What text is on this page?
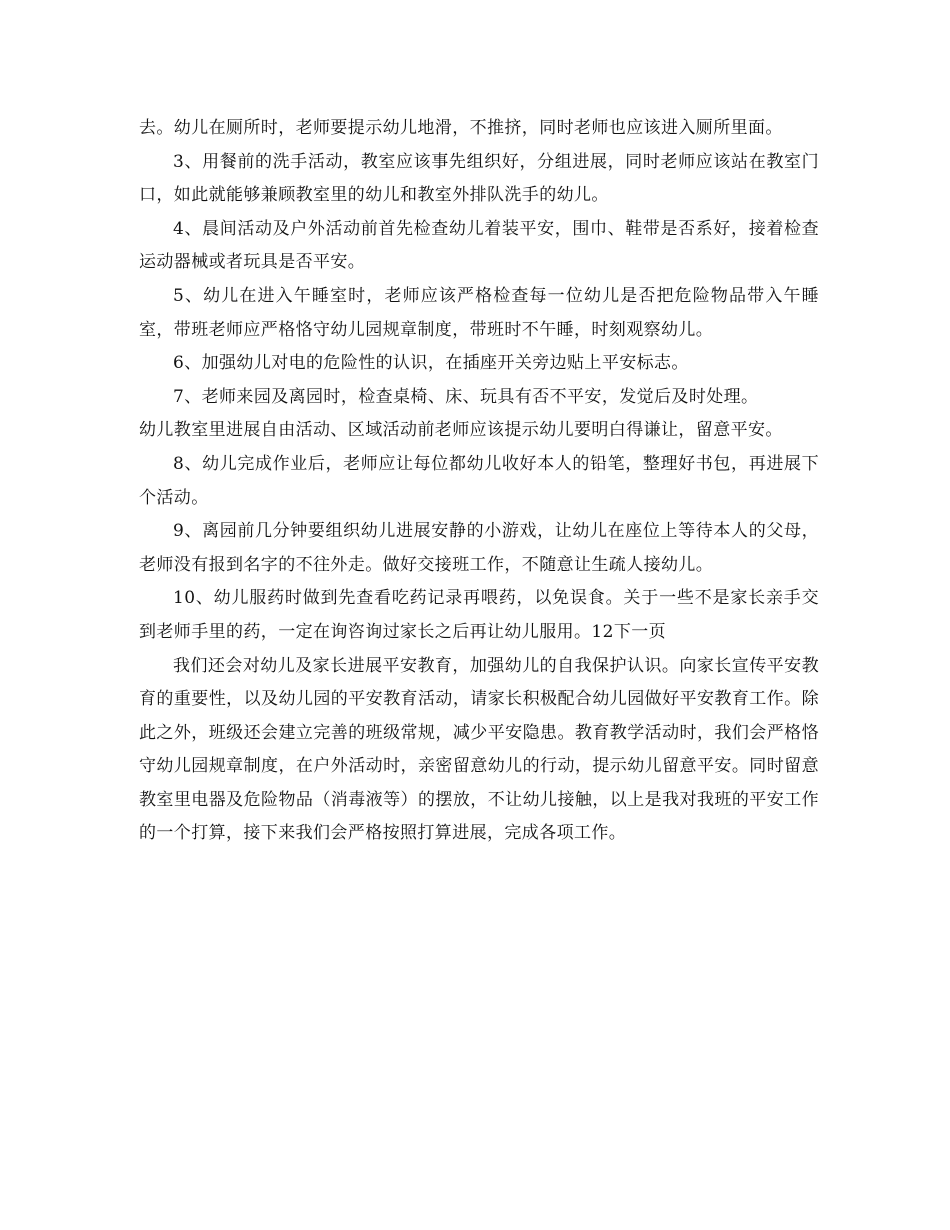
去。幼儿在厕所时，老师要提示幼儿地滑，不推挤，同时老师也应该进入厕所里面。

3、用餐前的洗手活动，教室应该事先组织好，分组进展，同时老师应该站在教室门口，如此就能够兼顾教室里的幼儿和教室外排队洗手的幼儿。

4、晨间活动及户外活动前首先检查幼儿着装平安，围巾、鞋带是否系好，接着检查运动器械或者玩具是否平安。

5、幼儿在进入午睡室时，老师应该严格检查每一位幼儿是否把危险物品带入午睡室，带班老师应严格恪守幼儿园规章制度，带班时不午睡，时刻观察幼儿。

6、加强幼儿对电的危险性的认识，在插座开关旁边贴上平安标志。

7、老师来园及离园时，检查桌椅、床、玩具有否不平安，发觉后及时处理。

幼儿教室里进展自由活动、区域活动前老师应该提示幼儿要明白得谦让，留意平安。

8、幼儿完成作业后，老师应让每位都幼儿收好本人的铅笔，整理好书包，再进展下个活动。

9、离园前几分钟要组织幼儿进展安静的小游戏，让幼儿在座位上等待本人的父母，老师没有报到名字的不往外走。做好交接班工作，不随意让生疏人接幼儿。

10、幼儿服药时做到先查看吃药记录再喂药，以免误食。关于一些不是家长亲手交到老师手里的药，一定在询咨询过家长之后再让幼儿服用。12下一页

我们还会对幼儿及家长进展平安教育，加强幼儿的自我保护认识。向家长宣传平安教育的重要性，以及幼儿园的平安教育活动，请家长积极配合幼儿园做好平安教育工作。除此之外，班级还会建立完善的班级常规，减少平安隐患。教育教学活动时，我们会严格恪守幼儿园规章制度，在户外活动时，亲密留意幼儿的行动，提示幼儿留意平安。同时留意教室里电器及危险物品（消毒液等）的摆放，不让幼儿接触，以上是我对我班的平安工作的一个打算，接下来我们会严格按照打算进展，完成各项工作。
